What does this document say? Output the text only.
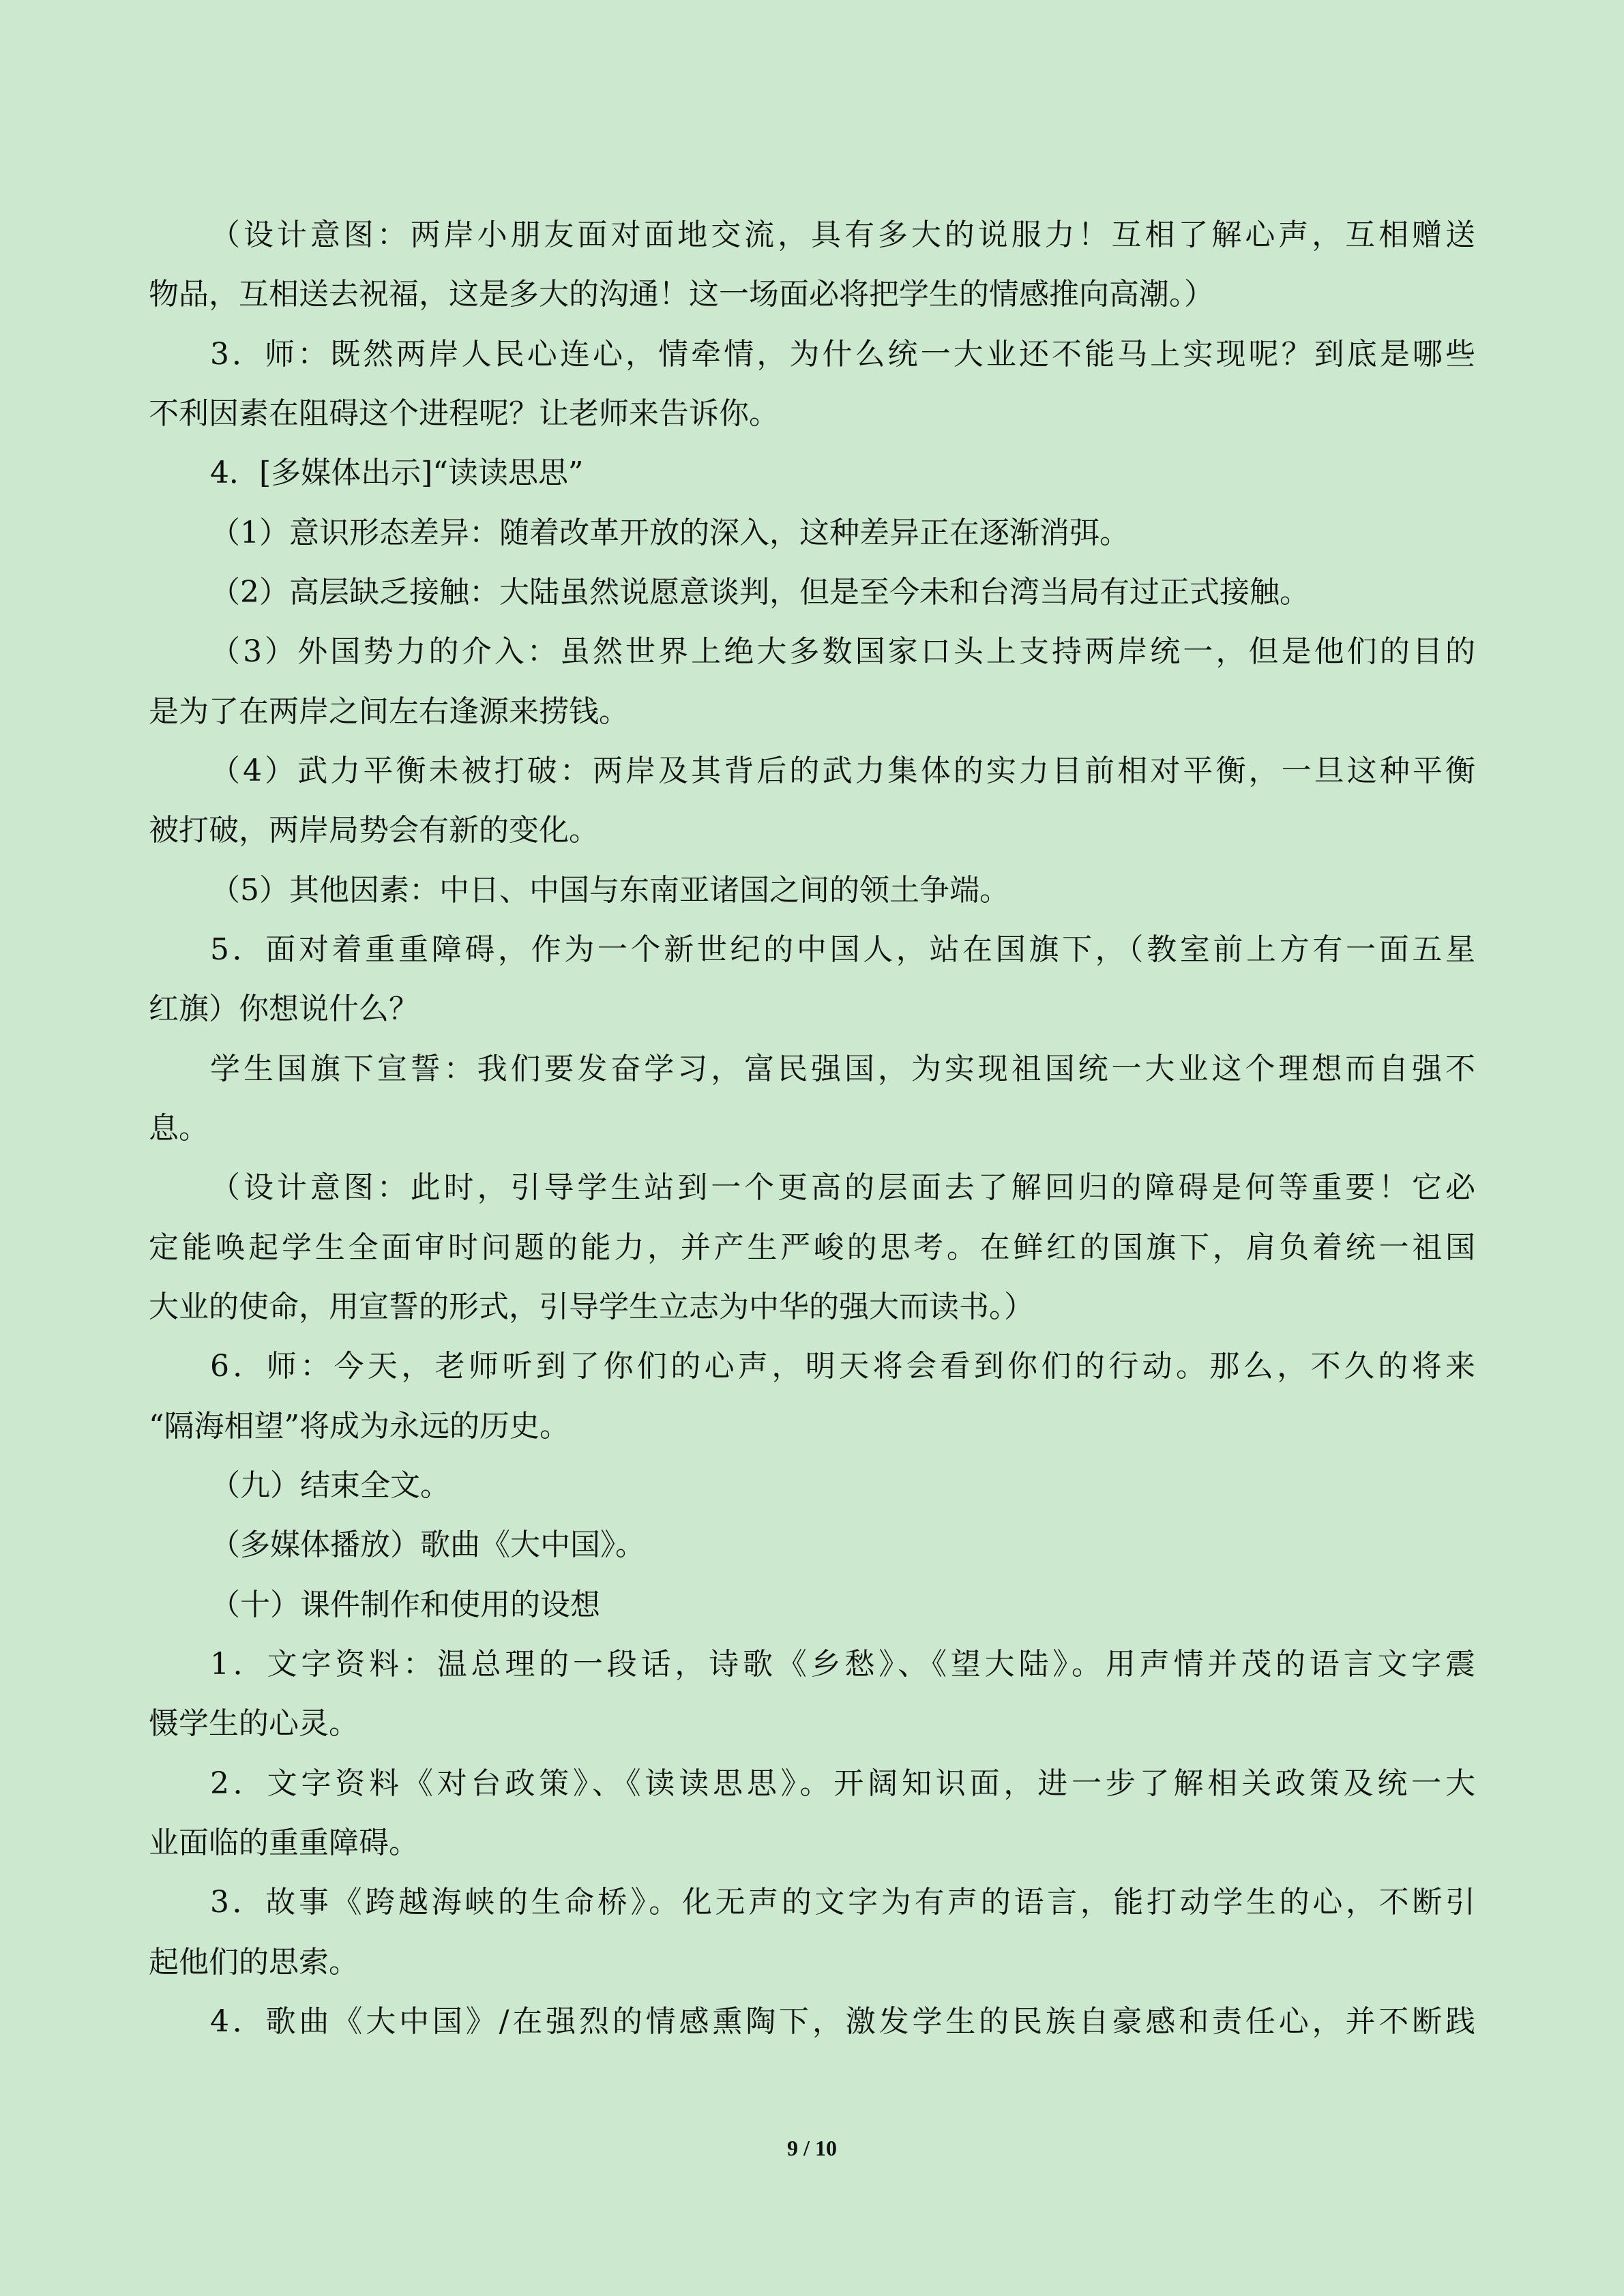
（设计意图：两岸小朋友面对面地交流，具有多大的说服力！互相了解心声，互相赠送
物品，互相送去祝福，这是多大的沟通！这一场面必将把学生的情感推向高潮。）
3．师：既然两岸人民心连心，情牵情，为什么统一大业还不能马上实现呢？到底是哪些
不利因素在阻碍这个进程呢？让老师来告诉你。
4．[多媒体出示]“读读思思”
（1）意识形态差异：随着改革开放的深入，这种差异正在逐渐消弭。
（2）高层缺乏接触：大陆虽然说愿意谈判，但是至今未和台湾当局有过正式接触。
（3）外国势力的介入：虽然世界上绝大多数国家口头上支持两岸统一，但是他们的目的
是为了在两岸之间左右逢源来捞钱。
（4）武力平衡未被打破：两岸及其背后的武力集体的实力目前相对平衡，一旦这种平衡
被打破，两岸局势会有新的变化。
（5）其他因素：中日、中国与东南亚诸国之间的领土争端。
5．面对着重重障碍，作为一个新世纪的中国人，站在国旗下，（教室前上方有一面五星
红旗）你想说什么？
学生国旗下宣誓：我们要发奋学习，富民强国，为实现祖国统一大业这个理想而自强不
息。
（设计意图：此时，引导学生站到一个更高的层面去了解回归的障碍是何等重要！它必
定能唤起学生全面审时问题的能力，并产生严峻的思考。在鲜红的国旗下，肩负着统一祖国
大业的使命，用宣誓的形式，引导学生立志为中华的强大而读书。）
6．师：今天，老师听到了你们的心声，明天将会看到你们的行动。那么，不久的将来
“隔海相望”将成为永远的历史。
（九）结束全文。
（多媒体播放）歌曲《大中国》。
（十）课件制作和使用的设想
1．文字资料：温总理的一段话，诗歌《乡愁》、《望大陆》。用声情并茂的语言文字震
慑学生的心灵。
2．文字资料《对台政策》、《读读思思》。开阔知识面，进一步了解相关政策及统一大
业面临的重重障碍。
3．故事《跨越海峡的生命桥》。化无声的文字为有声的语言，能打动学生的心，不断引
起他们的思索。
4．歌曲《大中国》/在强烈的情感熏陶下，激发学生的民族自豪感和责任心，并不断践
9 / 10
